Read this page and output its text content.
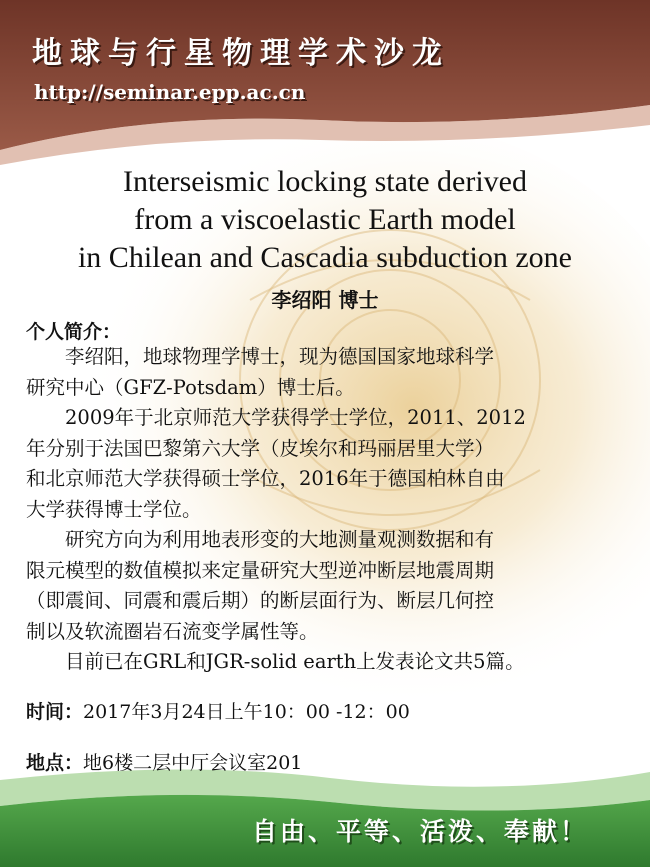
地球与行星物理学术沙龙
http://seminar.epp.ac.cn
Interseismic locking state derived
from a viscoelastic Earth model
in Chilean and Cascadia subduction zone
李绍阳 博士
个人简介：
　　李绍阳，地球物理学博士，现为德国国家地球科学
研究中心（GFZ-Potsdam）博士后。
　　2009年于北京师范大学获得学士学位，2011、2012
年分别于法国巴黎第六大学（皮埃尔和玛丽居里大学）
和北京师范大学获得硕士学位，2016年于德国柏林自由
大学获得博士学位。
　　研究方向为利用地表形变的大地测量观测数据和有
限元模型的数值模拟来定量研究大型逆冲断层地震周期
（即震间、同震和震后期）的断层面行为、断层几何控
制以及软流圈岩石流变学属性等。
　　目前已在GRL和JGR-solid earth上发表论文共5篇。
时间：2017年3月24日上午10：00 -12：00
地点：地6楼二层中厅会议室201
自由、平等、活泼、奉献！
